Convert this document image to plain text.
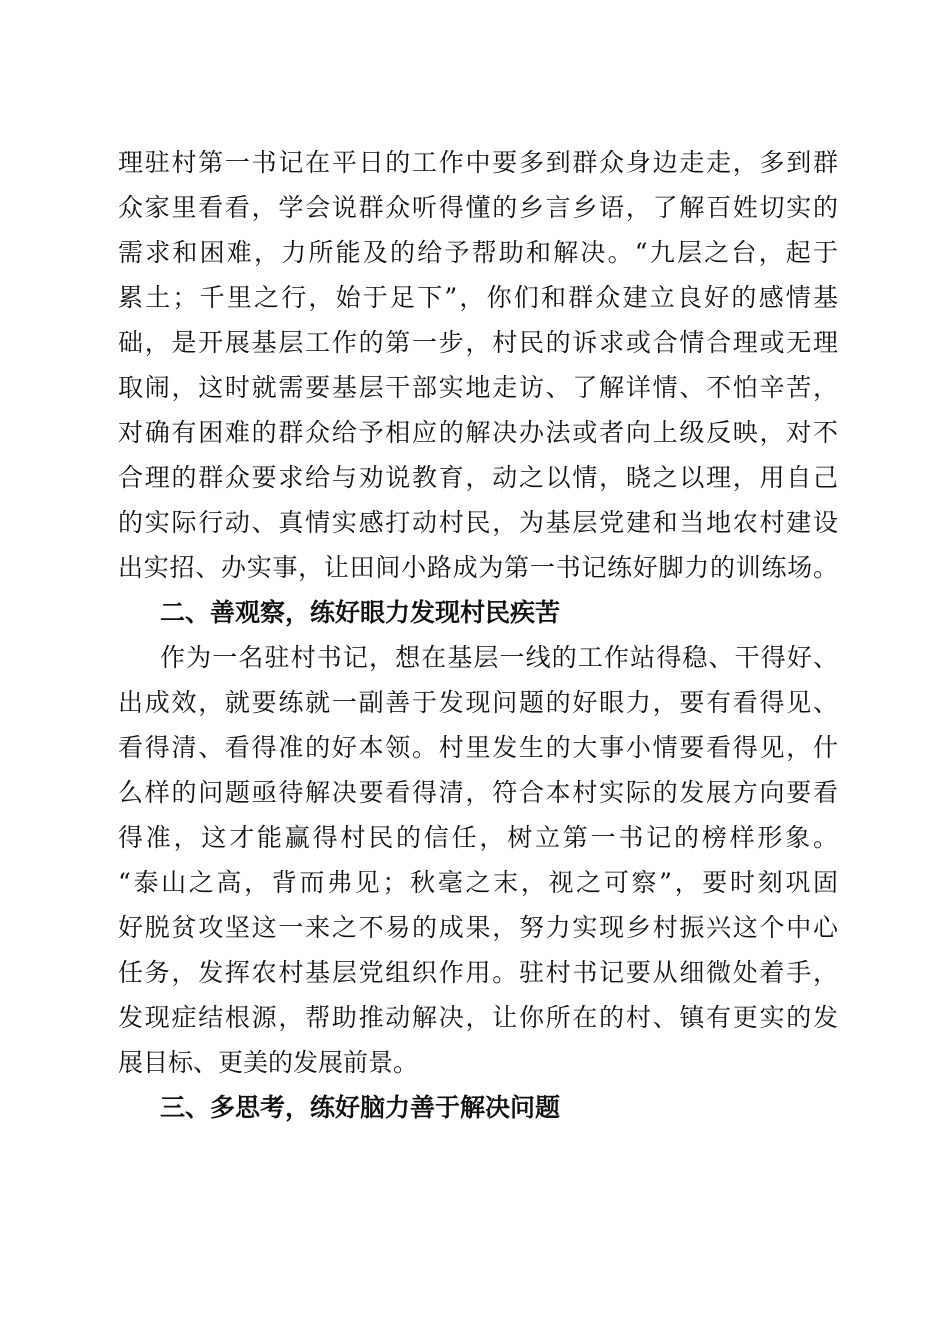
理驻村第一书记在平日的工作中要多到群众身边走走，多到群
众家里看看，学会说群众听得懂的乡言乡语，了解百姓切实的
需求和困难，力所能及的给予帮助和解决。“九层之台，起于
累土；千里之行，始于足下”，你们和群众建立良好的感情基
础，是开展基层工作的第一步，村民的诉求或合情合理或无理
取闹，这时就需要基层干部实地走访、了解详情、不怕辛苦，
对确有困难的群众给予相应的解决办法或者向上级反映，对不
合理的群众要求给与劝说教育，动之以情，晓之以理，用自己
的实际行动、真情实感打动村民，为基层党建和当地农村建设
出实招、办实事，让田间小路成为第一书记练好脚力的训练场。
二、善观察，练好眼力发现村民疾苦
作为一名驻村书记，想在基层一线的工作站得稳、干得好、
出成效，就要练就一副善于发现问题的好眼力，要有看得见、
看得清、看得准的好本领。村里发生的大事小情要看得见，什
么样的问题亟待解决要看得清，符合本村实际的发展方向要看
得准，这才能赢得村民的信任，树立第一书记的榜样形象。
“泰山之高，背而弗见；秋毫之末，视之可察”，要时刻巩固
好脱贫攻坚这一来之不易的成果，努力实现乡村振兴这个中心
任务，发挥农村基层党组织作用。驻村书记要从细微处着手，
发现症结根源，帮助推动解决，让你所在的村、镇有更实的发
展目标、更美的发展前景。
三、多思考，练好脑力善于解决问题
